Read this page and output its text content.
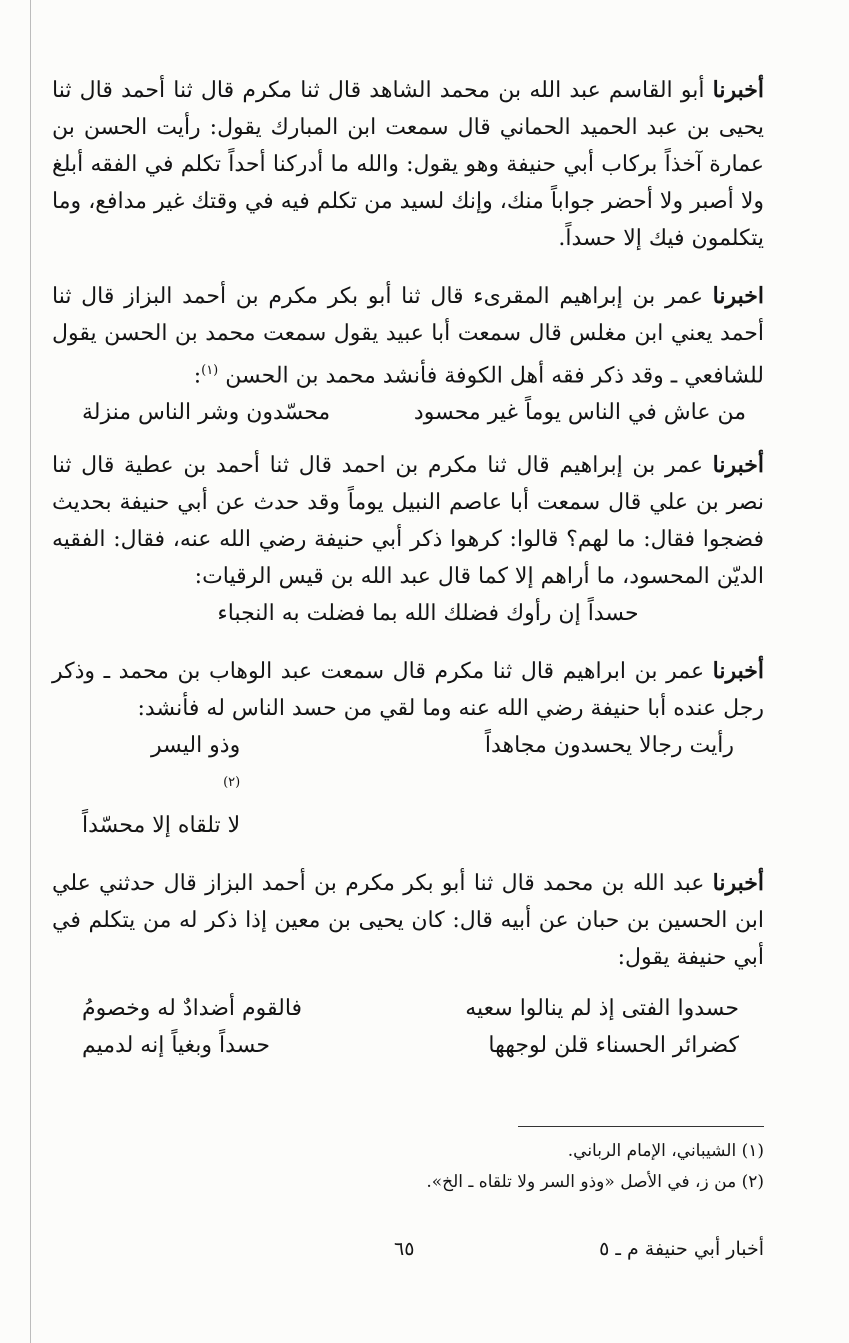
أخبرنا أبو القاسم عبد الله بن محمد الشاهد قال ثنا مكرم قال ثنا أحمد قال ثنا يحيى بن عبد الحميد الحماني قال سمعت ابن المبارك يقول: رأيت الحسن بن عمارة آخذاً بركاب أبي حنيفة وهو يقول: والله ما أدركنا أحداً تكلم في الفقه أبلغ ولا أصبر ولا أحضر جواباً منك، وإنك لسيد من تكلم فيه في وقتك غير مدافع، وما يتكلمون فيك إلا حسداً.

اخبرنا عمر بن إبراهيم المقرىء قال ثنا أبو بكر مكرم بن أحمد البزاز قال ثنا أحمد يعني ابن مغلس قال سمعت أبا عبيد يقول سمعت محمد بن الحسن يقول للشافعي ـ وقد ذكر فقه أهل الكوفة فأنشد محمد بن الحسن $^{(١)}$:

من عاش في الناس يوماً غير محسود
محسّدون وشر الناس منزلة

أخبرنا عمر بن إبراهيم قال ثنا مكرم بن احمد قال ثنا أحمد بن عطية قال ثنا نصر بن علي قال سمعت أبا عاصم النبيل يوماً وقد حدث عن أبي حنيفة بحديث فضجوا فقال: ما لهم؟ قالوا: كرهوا ذكر أبي حنيفة رضي الله عنه، فقال: الفقيه الديّن المحسود، ما أراهم إلا كما قال عبد الله بن قيس الرقيات:

حسداً إن رأوك فضلك الله بما فضلت به النجباء

أخبرنا عمر بن ابراهيم قال ثنا مكرم قال سمعت عبد الوهاب بن محمد ـ وذكر رجل عنده أبا حنيفة رضي الله عنه وما لقي من حسد الناس له فأنشد:

رأيت رجالا يحسدون مجاهداً
وذو اليسر
$^{(٢)}$
لا تلقاه إلا محسّداً

أخبرنا عبد الله بن محمد قال ثنا أبو بكر مكرم بن أحمد البزاز قال حدثني علي ابن الحسين بن حبان عن أبيه قال: كان يحيى بن معين إذا ذكر له من يتكلم في أبي حنيفة يقول:

حسدوا الفتى إذ لم ينالوا سعيه
فالقوم أضدادٌ له وخصومُ
كضرائر الحسناء قلن لوجهها
حسداً وبغياً إنه لدميم
(١) الشيباني، الإمام الرباني.
(٢) من ز، في الأصل «وذو السر ولا تلقاه ـ الخ».
أخبار أبي حنيفة م ـ ٥
٦٥
